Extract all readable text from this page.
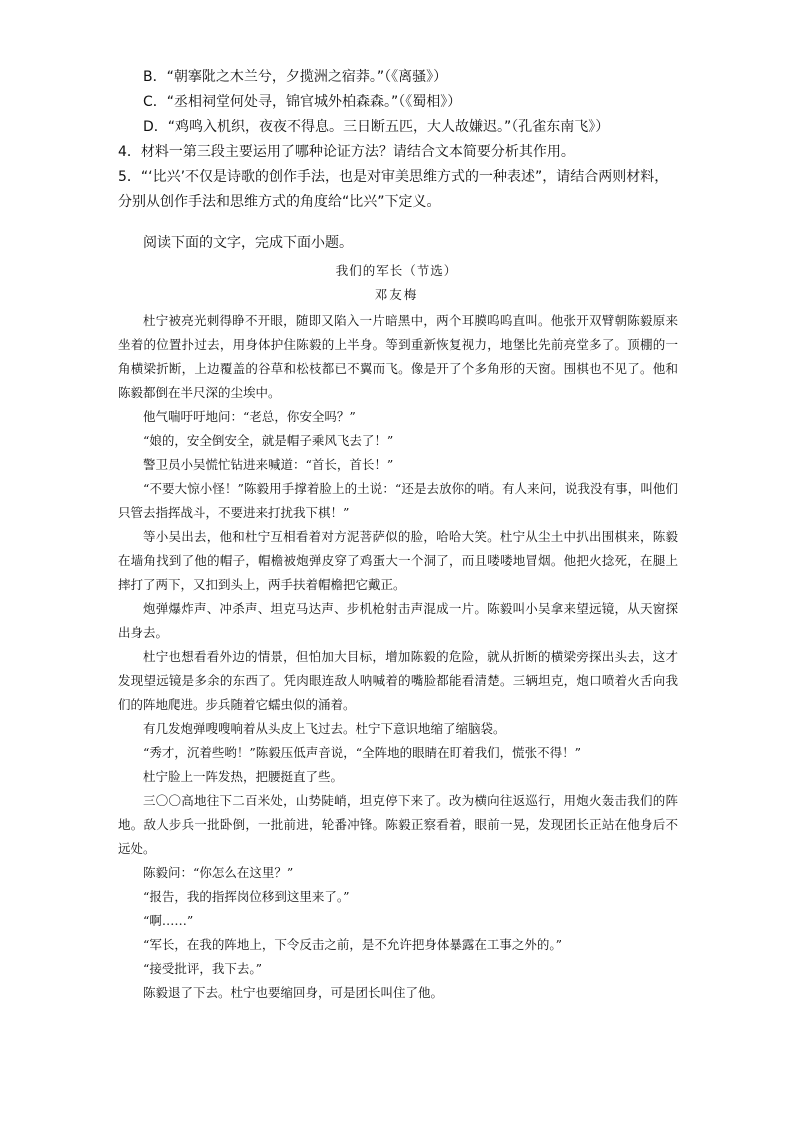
B．“朝搴阰之木兰兮，夕揽洲之宿莽。”（《离骚》）
C．“丞相祠堂何处寻，锦官城外柏森森。”（《蜀相》）
D．“鸡鸣入机织，夜夜不得息。三日断五匹，大人故嫌迟。”（孔雀东南飞》）
4．材料一第三段主要运用了哪种论证方法？请结合文本简要分析其作用。
5．“‘比兴’不仅是诗歌的创作手法，也是对审美思维方式的一种表述”，请结合两则材料，
分别从创作手法和思维方式的角度给“比兴”下定义。
阅读下面的文字，完成下面小题。
我们的军长（节选）
邓友梅

杜宁被亮光刺得睁不开眼，随即又陷入一片暗黑中，两个耳膜呜呜直叫。他张开双臂朝陈毅原来坐着的位置扑过去，用身体护住陈毅的上半身。等到重新恢复视力，地堡比先前亮堂多了。顶棚的一角横梁折断，上边覆盖的谷草和松枝都已不翼而飞。像是开了个多角形的天窗。围棋也不见了。他和陈毅都倒在半尺深的尘埃中。

他气喘吁吁地问：“老总，你安全吗？”

“娘的，安全倒安全，就是帽子乘风飞去了！”

警卫员小吴慌忙钻进来喊道：“首长，首长！”

“不要大惊小怪！”陈毅用手撑着脸上的土说：“还是去放你的哨。有人来问，说我没有事，叫他们只管去指挥战斗，不要进来打扰我下棋！”

等小吴出去，他和杜宁互相看着对方泥菩萨似的脸，哈哈大笑。杜宁从尘土中扒出围棋来，陈毅在墙角找到了他的帽子，帽檐被炮弹皮穿了鸡蛋大一个洞了，而且喽喽地冒烟。他把火捻死，在腿上摔打了两下，又扣到头上，两手扶着帽檐把它戴正。

炮弹爆炸声、冲杀声、坦克马达声、步机枪射击声混成一片。陈毅叫小吴拿来望远镜，从天窗探出身去。

杜宁也想看看外边的情景，但怕加大目标，增加陈毅的危险，就从折断的横梁旁探出头去，这才发现望远镜是多余的东西了。凭肉眼连敌人呐喊着的嘴脸都能看清楚。三辆坦克，炮口喷着火舌向我们的阵地爬进。步兵随着它蠕虫似的涌着。

有几发炮弹嗖嗖响着从头皮上飞过去。杜宁下意识地缩了缩脑袋。

“秀才，沉着些哟！”陈毅压低声音说，“全阵地的眼睛在盯着我们，慌张不得！”

杜宁脸上一阵发热，把腰挺直了些。

三〇〇高地往下二百米处，山势陡峭，坦克停下来了。改为横向往返巡行，用炮火轰击我们的阵地。敌人步兵一批卧倒，一批前进，轮番冲锋。陈毅正察看着，眼前一晃，发现团长正站在他身后不远处。

陈毅问：“你怎么在这里？”

“报告，我的指挥岗位移到这里来了。”

“啊……”

“军长，在我的阵地上，下令反击之前，是不允许把身体暴露在工事之外的。”

“接受批评，我下去。”

陈毅退了下去。杜宁也要缩回身，可是团长叫住了他。
